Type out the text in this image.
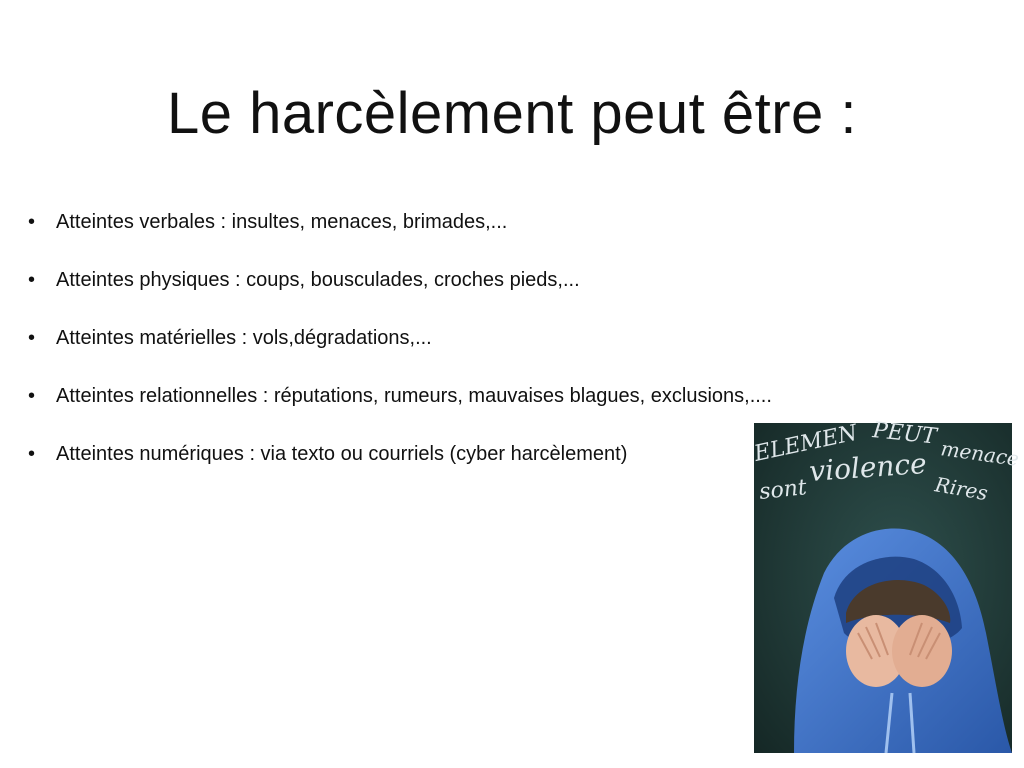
Le harcèlement peut être :
•	Atteintes verbales : insultes, menaces, brimades,...
•	Atteintes physiques : coups, bousculades, croches pieds,...
•	Atteintes matérielles : vols,dégradations,...
•	Atteintes relationnelles : réputations, rumeurs, mauvaises blagues, exclusions,....
•	Atteintes numériques : via texto ou courriels (cyber harcèlement)	ELEMEN PEUT
menace
sont
violence
Rires
